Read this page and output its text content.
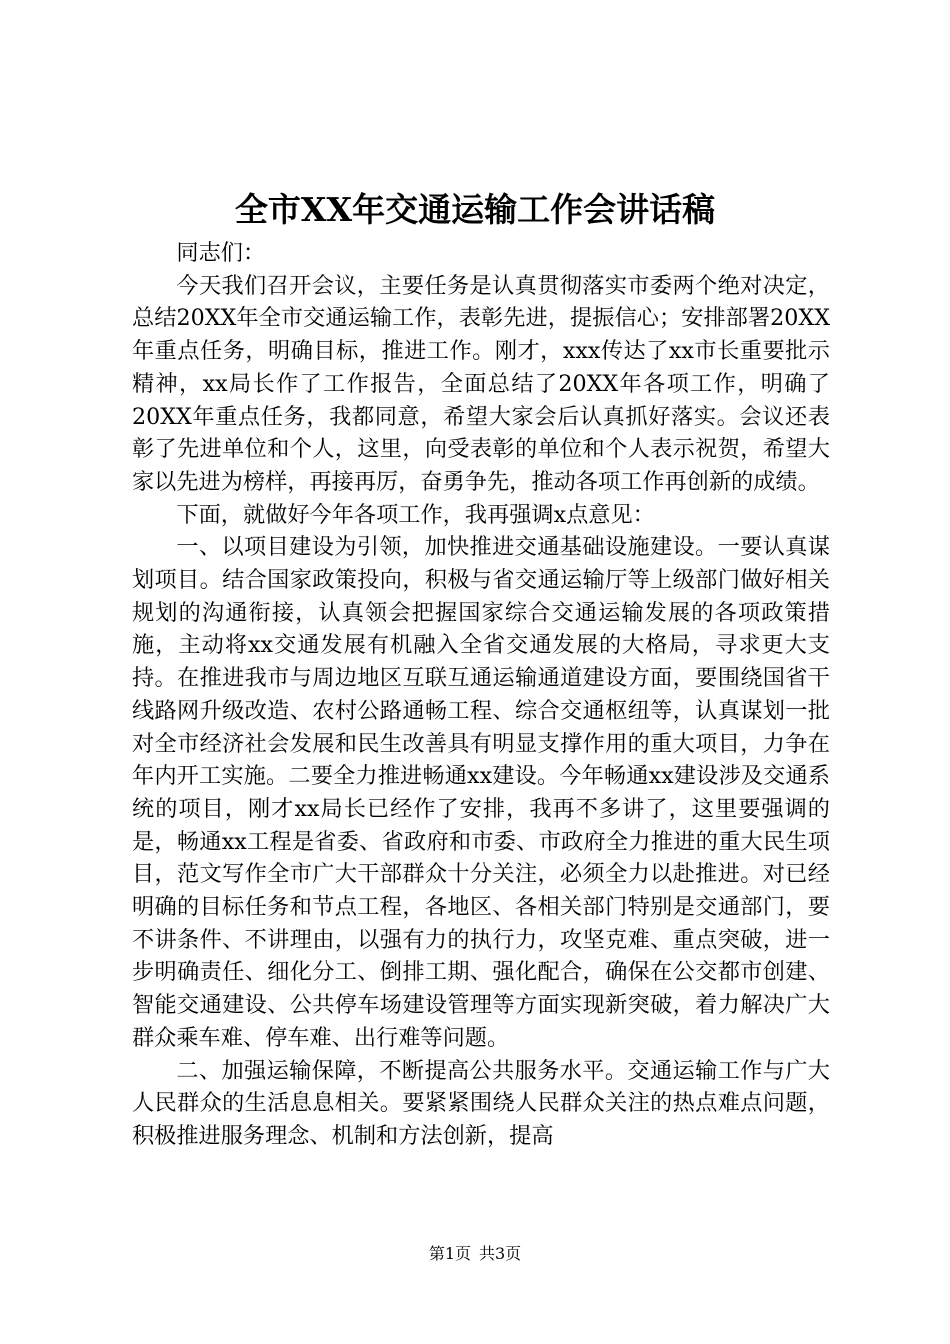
全市XX年交通运输工作会讲话稿

同志们：

今天我们召开会议，主要任务是认真贯彻落实市委两个绝对决定，总结20XX年全市交通运输工作，表彰先进，提振信心；安排部署20XX年重点任务，明确目标，推进工作。刚才，xxx传达了xx市长重要批示精神，xx局长作了工作报告，全面总结了20XX年各项工作，明确了20XX年重点任务，我都同意，希望大家会后认真抓好落实。会议还表彰了先进单位和个人，这里，向受表彰的单位和个人表示祝贺，希望大家以先进为榜样，再接再厉，奋勇争先，推动各项工作再创新的成绩。

下面，就做好今年各项工作，我再强调x点意见：

一、以项目建设为引领，加快推进交通基础设施建设。一要认真谋划项目。结合国家政策投向，积极与省交通运输厅等上级部门做好相关规划的沟通衔接，认真领会把握国家综合交通运输发展的各项政策措施，主动将xx交通发展有机融入全省交通发展的大格局，寻求更大支持。在推进我市与周边地区互联互通运输通道建设方面，要围绕国省干线路网升级改造、农村公路通畅工程、综合交通枢纽等，认真谋划一批对全市经济社会发展和民生改善具有明显支撑作用的重大项目，力争在年内开工实施。二要全力推进畅通xx建设。今年畅通xx建设涉及交通系统的项目，刚才xx局长已经作了安排，我再不多讲了，这里要强调的是，畅通xx工程是省委、省政府和市委、市政府全力推进的重大民生项目，范文写作全市广大干部群众十分关注，必须全力以赴推进。对已经明确的目标任务和节点工程，各地区、各相关部门特别是交通部门，要不讲条件、不讲理由，以强有力的执行力，攻坚克难、重点突破，进一步明确责任、细化分工、倒排工期、强化配合，确保在公交都市创建、智能交通建设、公共停车场建设管理等方面实现新突破，着力解决广大群众乘车难、停车难、出行难等问题。

二、加强运输保障，不断提高公共服务水平。交通运输工作与广大人民群众的生活息息相关。要紧紧围绕人民群众关注的热点难点问题，积极推进服务理念、机制和方法创新，提高

第1页 共3页
